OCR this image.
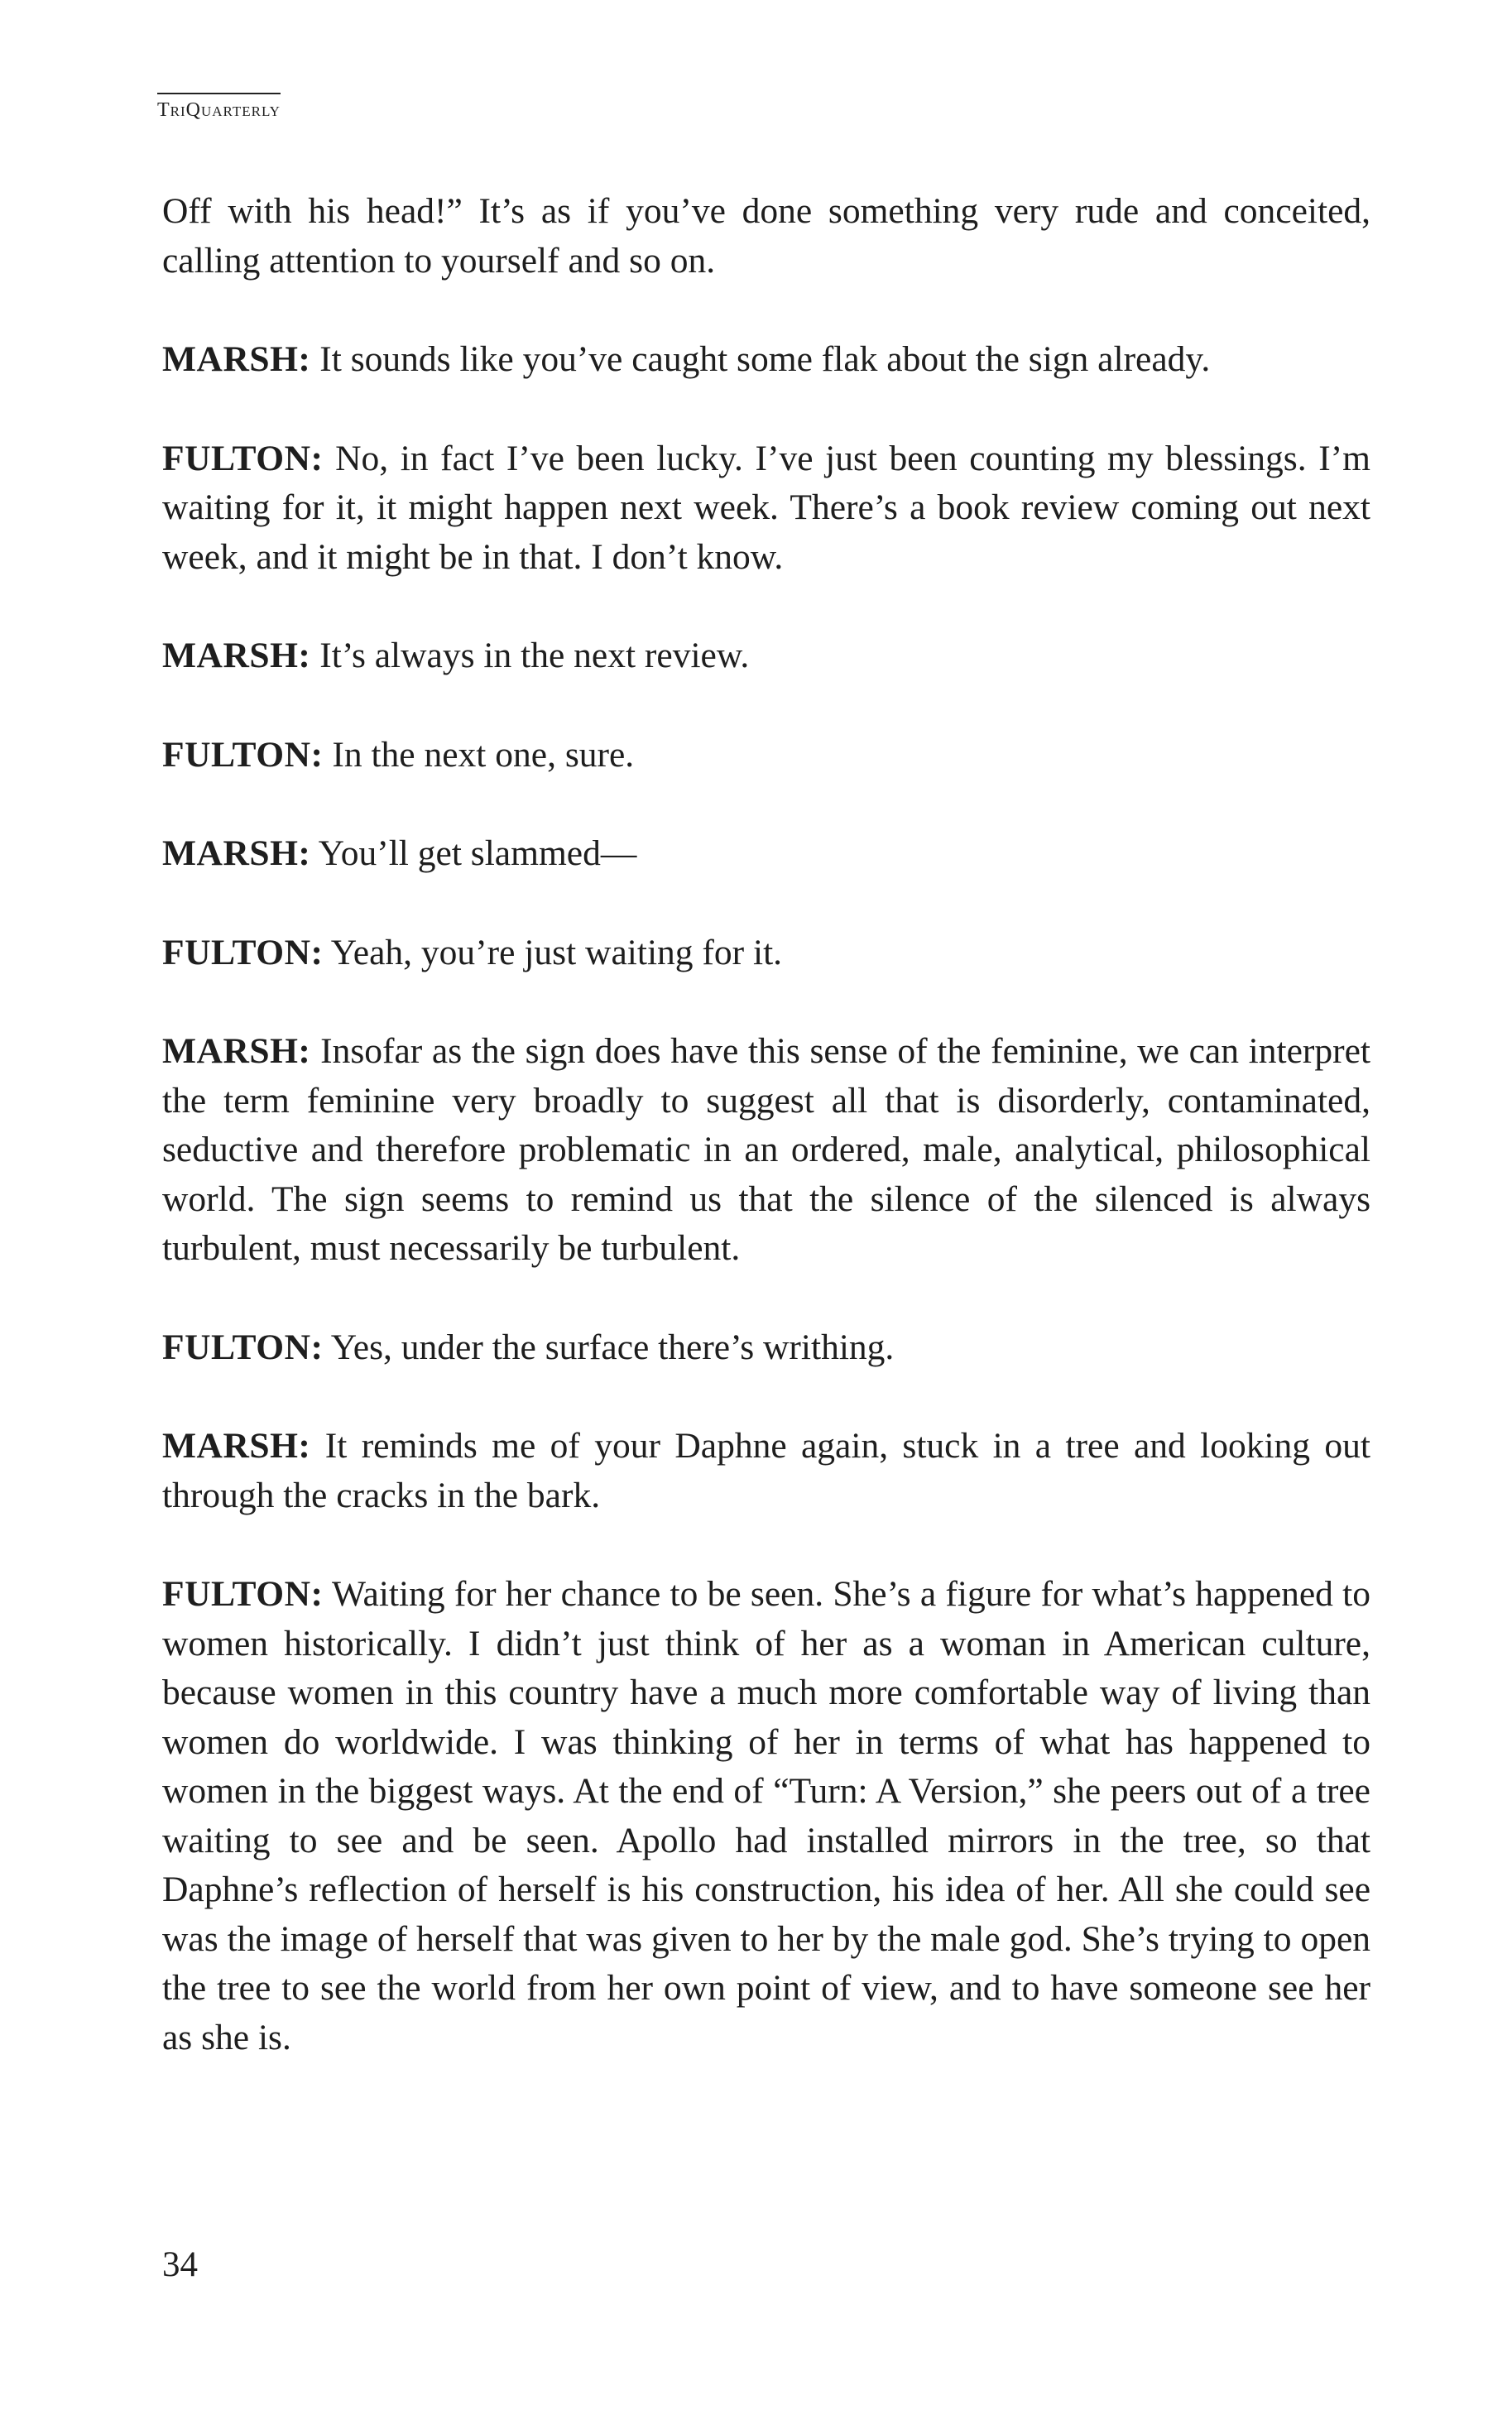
TriQuarterly

Off with his head!” It’s as if you’ve done something very rude and conceited, calling attention to yourself and so on.

MARSH: It sounds like you’ve caught some flak about the sign already.

FULTON: No, in fact I’ve been lucky. I’ve just been counting my blessings. I’m waiting for it, it might happen next week. There’s a book review coming out next week, and it might be in that. I don’t know.

MARSH: It’s always in the next review.

FULTON: In the next one, sure.

MARSH: You’ll get slammed—

FULTON: Yeah, you’re just waiting for it.

MARSH: Insofar as the sign does have this sense of the feminine, we can interpret the term feminine very broadly to suggest all that is disorderly, contaminated, seductive and therefore problematic in an ordered, male, analytical, philosophical world. The sign seems to remind us that the silence of the silenced is always turbulent, must necessarily be turbulent.

FULTON: Yes, under the surface there’s writhing.

MARSH: It reminds me of your Daphne again, stuck in a tree and looking out through the cracks in the bark.

FULTON: Waiting for her chance to be seen. She’s a figure for what’s happened to women historically. I didn’t just think of her as a woman in American culture, because women in this country have a much more comfortable way of living than women do worldwide. I was thinking of her in terms of what has happened to women in the biggest ways. At the end of “Turn: A Version,” she peers out of a tree waiting to see and be seen. Apollo had installed mirrors in the tree, so that Daphne’s reflection of herself is his construction, his idea of her. All she could see was the image of herself that was given to her by the male god. She’s trying to open the tree to see the world from her own point of view, and to have someone see her as she is.

34
